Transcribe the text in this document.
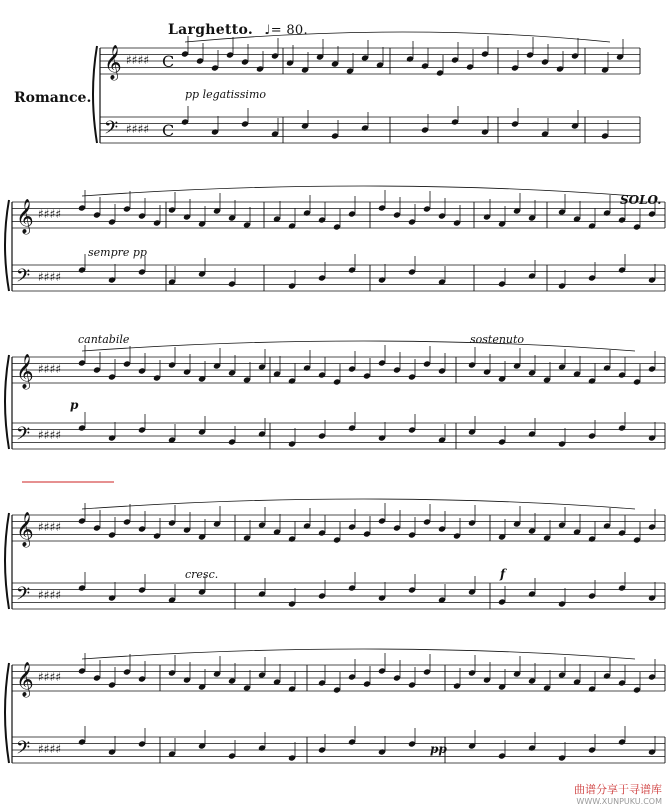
𝄞
𝄢
♯♯♯♯
♯♯♯♯
C
C
𝄞
𝄢
♯♯♯♯
♯♯♯♯
𝄞
𝄢
♯♯♯♯
♯♯♯♯
𝄞
𝄢
♯♯♯♯
♯♯♯♯
𝄞
𝄢
♯♯♯♯
♯♯♯♯
Larghetto. ♩= 80.
Romance.	pp legatissimo
sempre pp
SOLO.
cantabile	sostenuto
p
cresc.	f
pp
曲谱分享于寻谱库
WWW.XUNPUKU.COM
